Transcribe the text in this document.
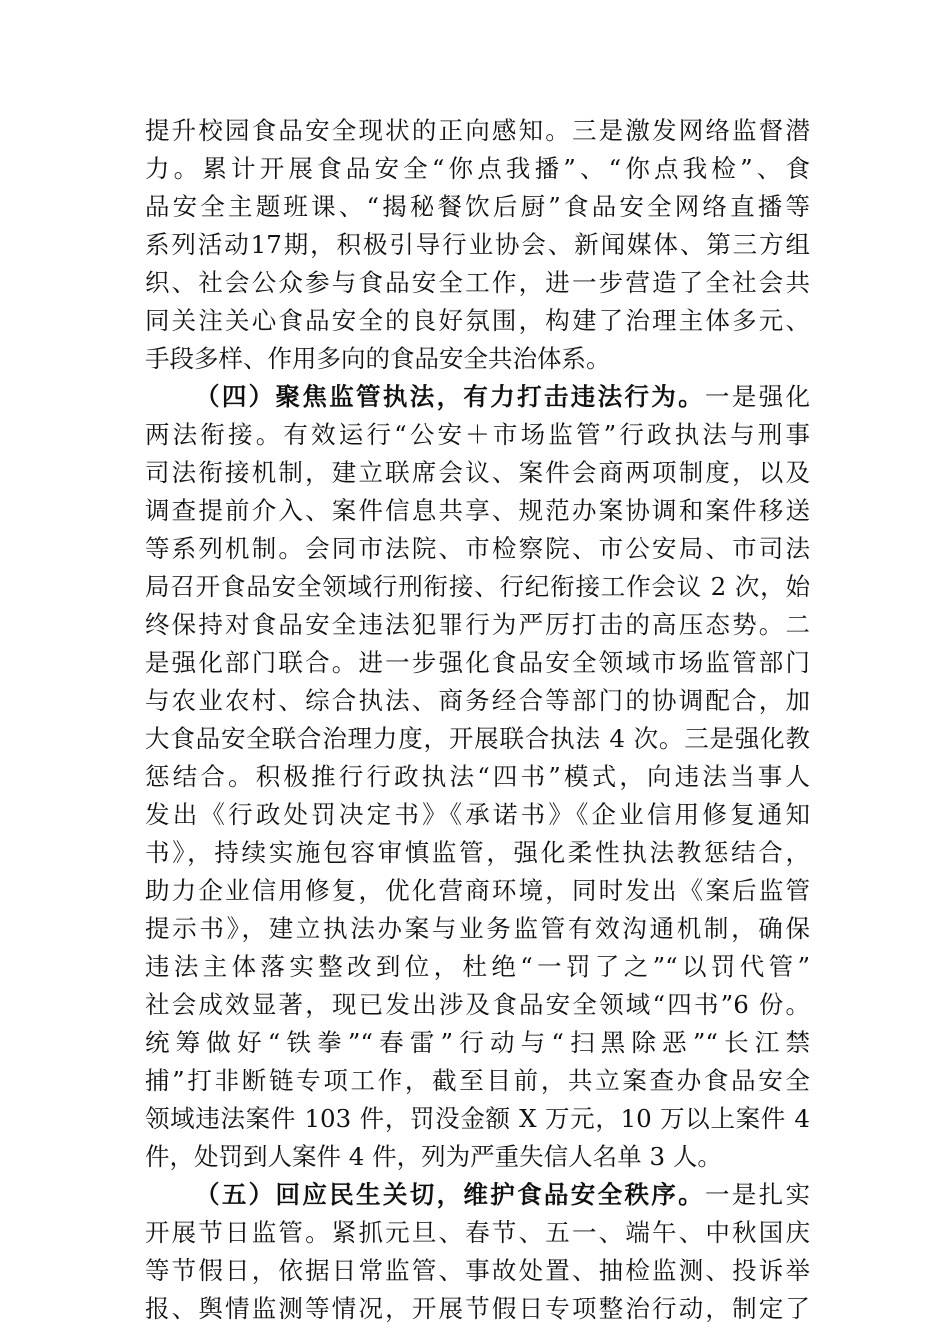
提升校园食品安全现状的正向感知。三是激发网络监督潜
力。累计开展食品安全“你点我播”、“你点我检”、食
品安全主题班课、“揭秘餐饮后厨”食品安全网络直播等
系列活动17期，积极引导行业协会、新闻媒体、第三方组
织、社会公众参与食品安全工作，进一步营造了全社会共
同关注关心食品安全的良好氛围，构建了治理主体多元、
手段多样、作用多向的食品安全共治体系。
（四）聚焦监管执法，有力打击违法行为。一是强化
两法衔接。有效运行“公安＋市场监管”行政执法与刑事
司法衔接机制，建立联席会议、案件会商两项制度，以及
调查提前介入、案件信息共享、规范办案协调和案件移送
等系列机制。会同市法院、市检察院、市公安局、市司法
局召开食品安全领域行刑衔接、行纪衔接工作会议 2 次，始
终保持对食品安全违法犯罪行为严厉打击的高压态势。二
是强化部门联合。进一步强化食品安全领域市场监管部门
与农业农村、综合执法、商务经合等部门的协调配合，加
大食品安全联合治理力度，开展联合执法 4 次。三是强化教
惩结合。积极推行行政执法“四书”模式，向违法当事人
发出《行政处罚决定书》《承诺书》《企业信用修复通知
书》，持续实施包容审慎监管，强化柔性执法教惩结合，
助力企业信用修复，优化营商环境，同时发出《案后监管
提示书》，建立执法办案与业务监管有效沟通机制，确保
违法主体落实整改到位，杜绝“一罚了之”“以罚代管”
社会成效显著，现已发出涉及食品安全领域“四书”6 份。
统筹做好“铁拳”“春雷”行动与“扫黑除恶”“长江禁
捕”打非断链专项工作，截至目前，共立案查办食品安全
领域违法案件 103 件，罚没金额 X 万元，10 万以上案件 4
件，处罚到人案件 4 件，列为严重失信人名单 3 人。
（五）回应民生关切，维护食品安全秩序。一是扎实
开展节日监管。紧抓元旦、春节、五一、端午、中秋国庆
等节假日，依据日常监管、事故处置、抽检监测、投诉举
报、舆情监测等情况，开展节假日专项整治行动，制定了
